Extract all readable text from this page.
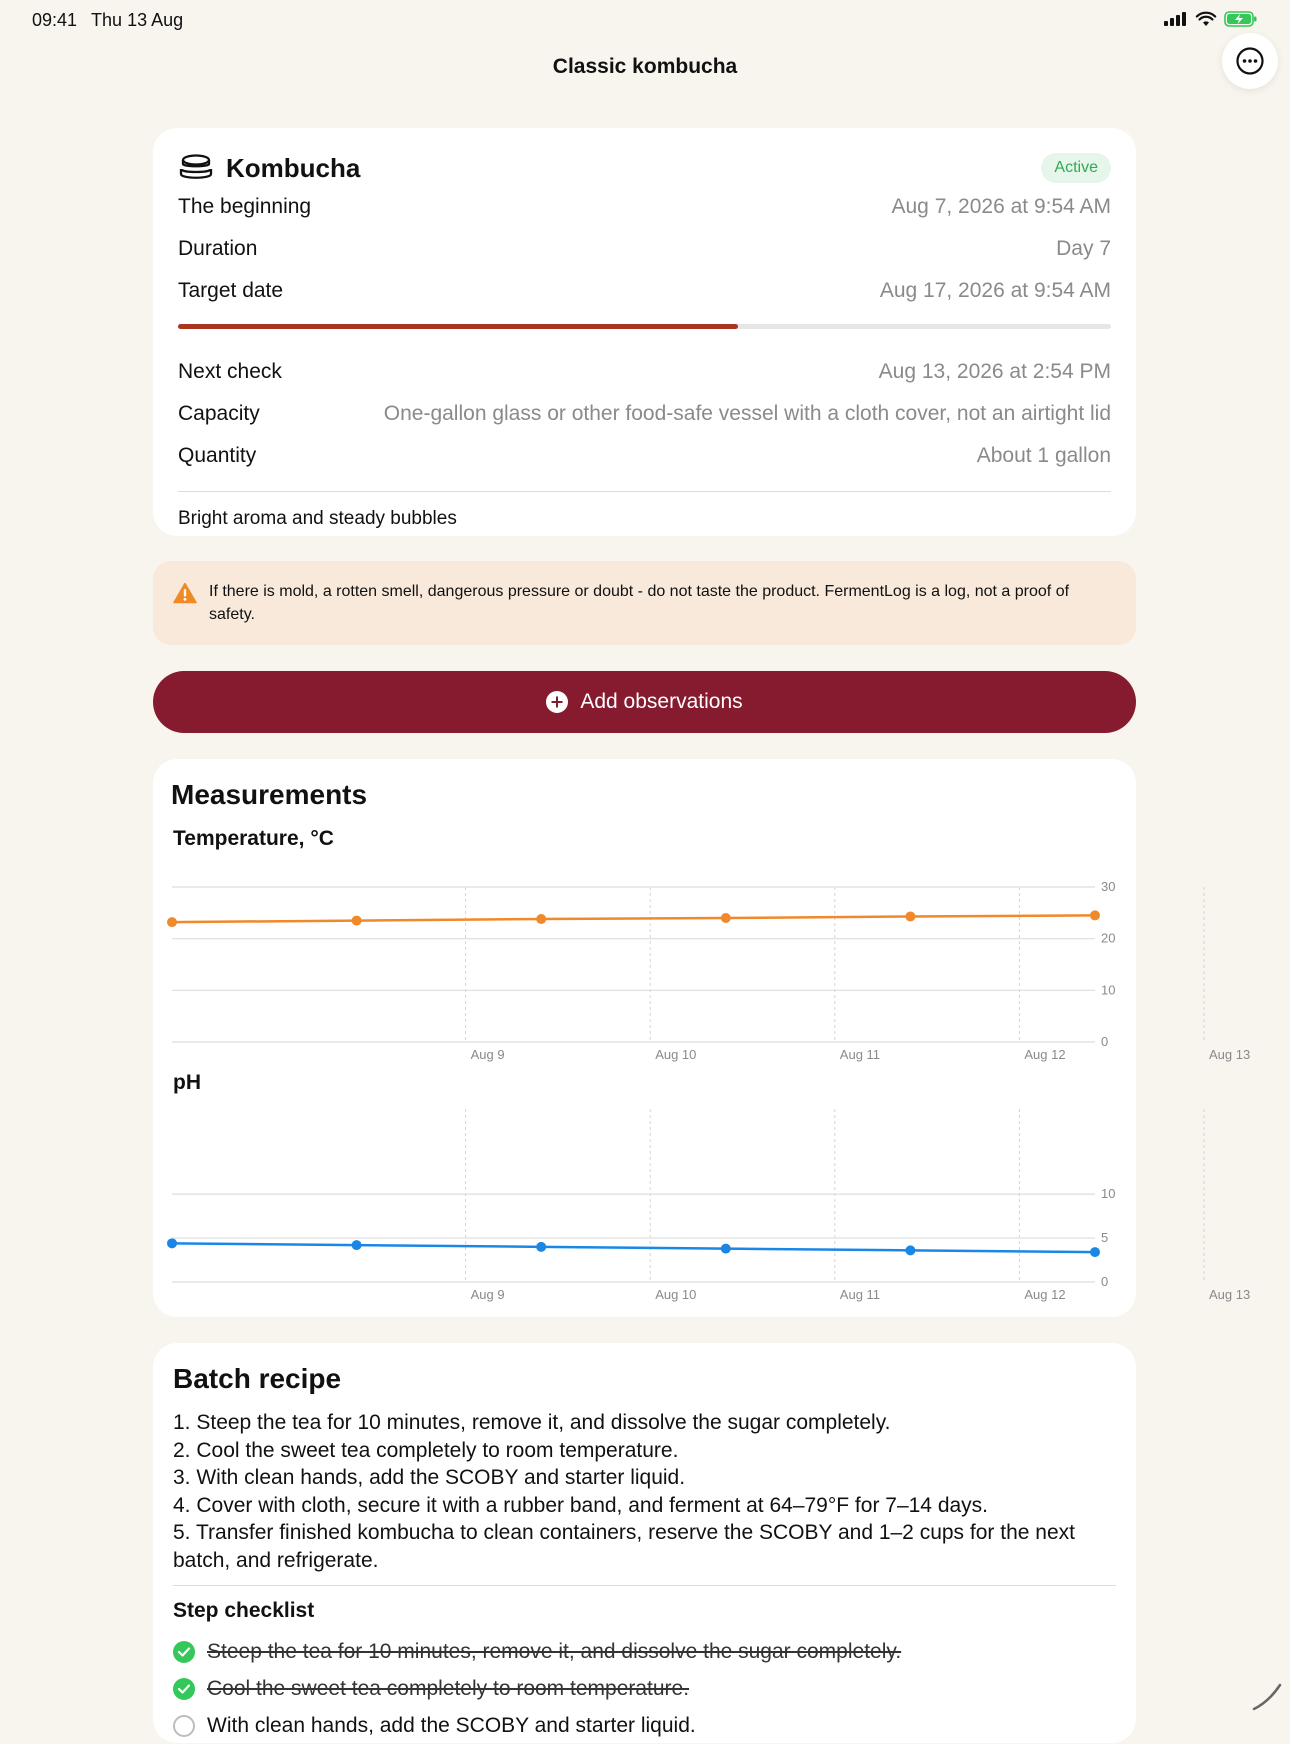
09:41 Thu 13 Aug
Classic kombucha
Kombucha	Active
The beginning	Aug 7, 2026 at 9:54 AM
Duration	Day 7
Target date	Aug 17, 2026 at 9:54 AM
Next check	Aug 13, 2026 at 2:54 PM
Capacity	One-gallon glass or other food-safe vessel with a cloth cover, not an airtight lid
Quantity	About 1 gallon
Bright aroma and steady bubbles
If there is mold, a rotten smell, dangerous pressure or doubt - do not taste the product. FermentLog is a log, not a proof of safety.
Add observations
Measurements
Temperature, °C
0
10
20
30
Aug 9	Aug 10	Aug 11	Aug 12	Aug 13
pH
0
5
10
Aug 9	Aug 10	Aug 11	Aug 12	Aug 13
Batch recipe
1. Steep the tea for 10 minutes, remove it, and dissolve the sugar completely.
2. Cool the sweet tea completely to room temperature.
3. With clean hands, add the SCOBY and starter liquid.
4. Cover with cloth, secure it with a rubber band, and ferment at 64–79°F for 7–14 days.
5. Transfer finished kombucha to clean containers, reserve the SCOBY and 1–2 cups for the next batch, and refrigerate.
Step checklist
Steep the tea for 10 minutes, remove it, and dissolve the sugar completely.
Cool the sweet tea completely to room temperature.
With clean hands, add the SCOBY and starter liquid.
